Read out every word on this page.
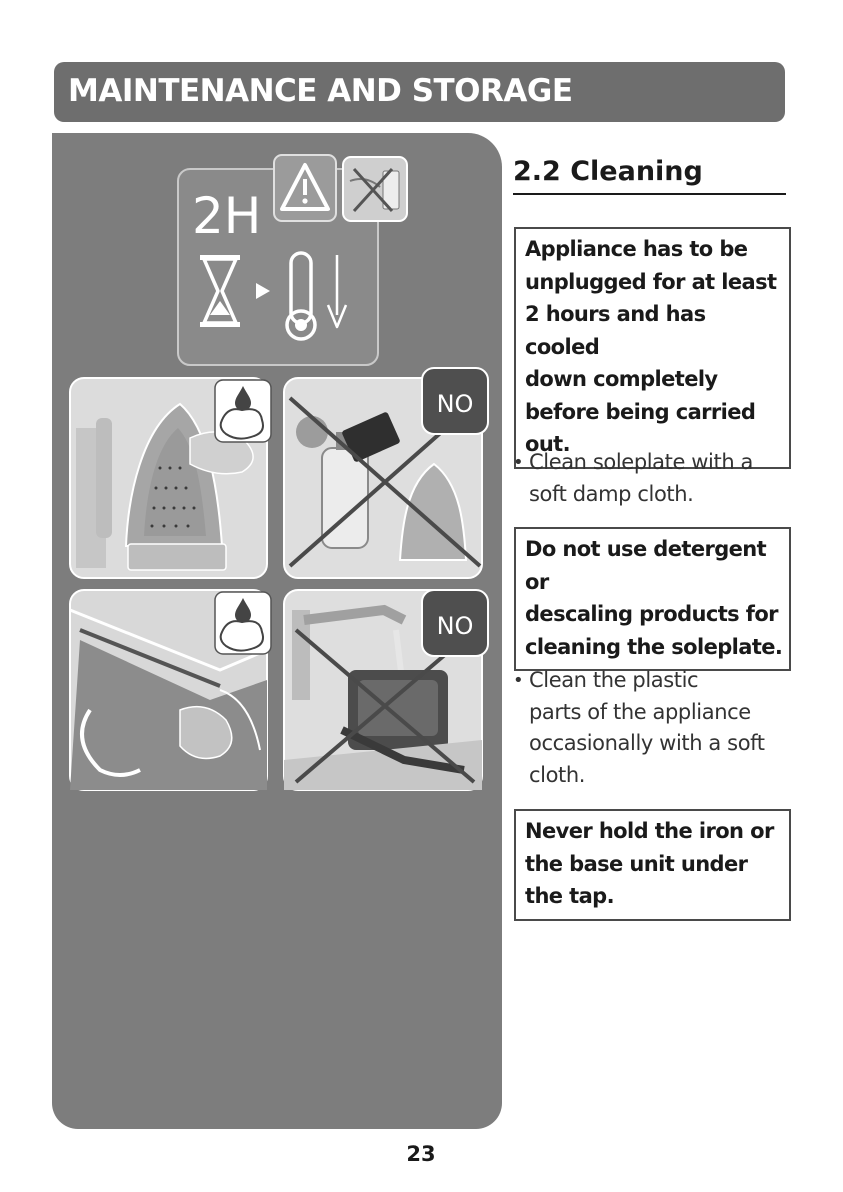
MAINTENANCE AND STORAGE
2H
NO
NO
2.2 Cleaning
Appliance has to be
unplugged for at least
2 hours and has cooled
down completely
before being carried
out.
• Clean soleplate with a
soft damp cloth.
Do not use detergent or
descaling products for
cleaning the soleplate.
• Clean the plastic
parts of the appliance
occasionally with a soft
cloth.
Never hold the iron or
the base unit under
the tap.
23
